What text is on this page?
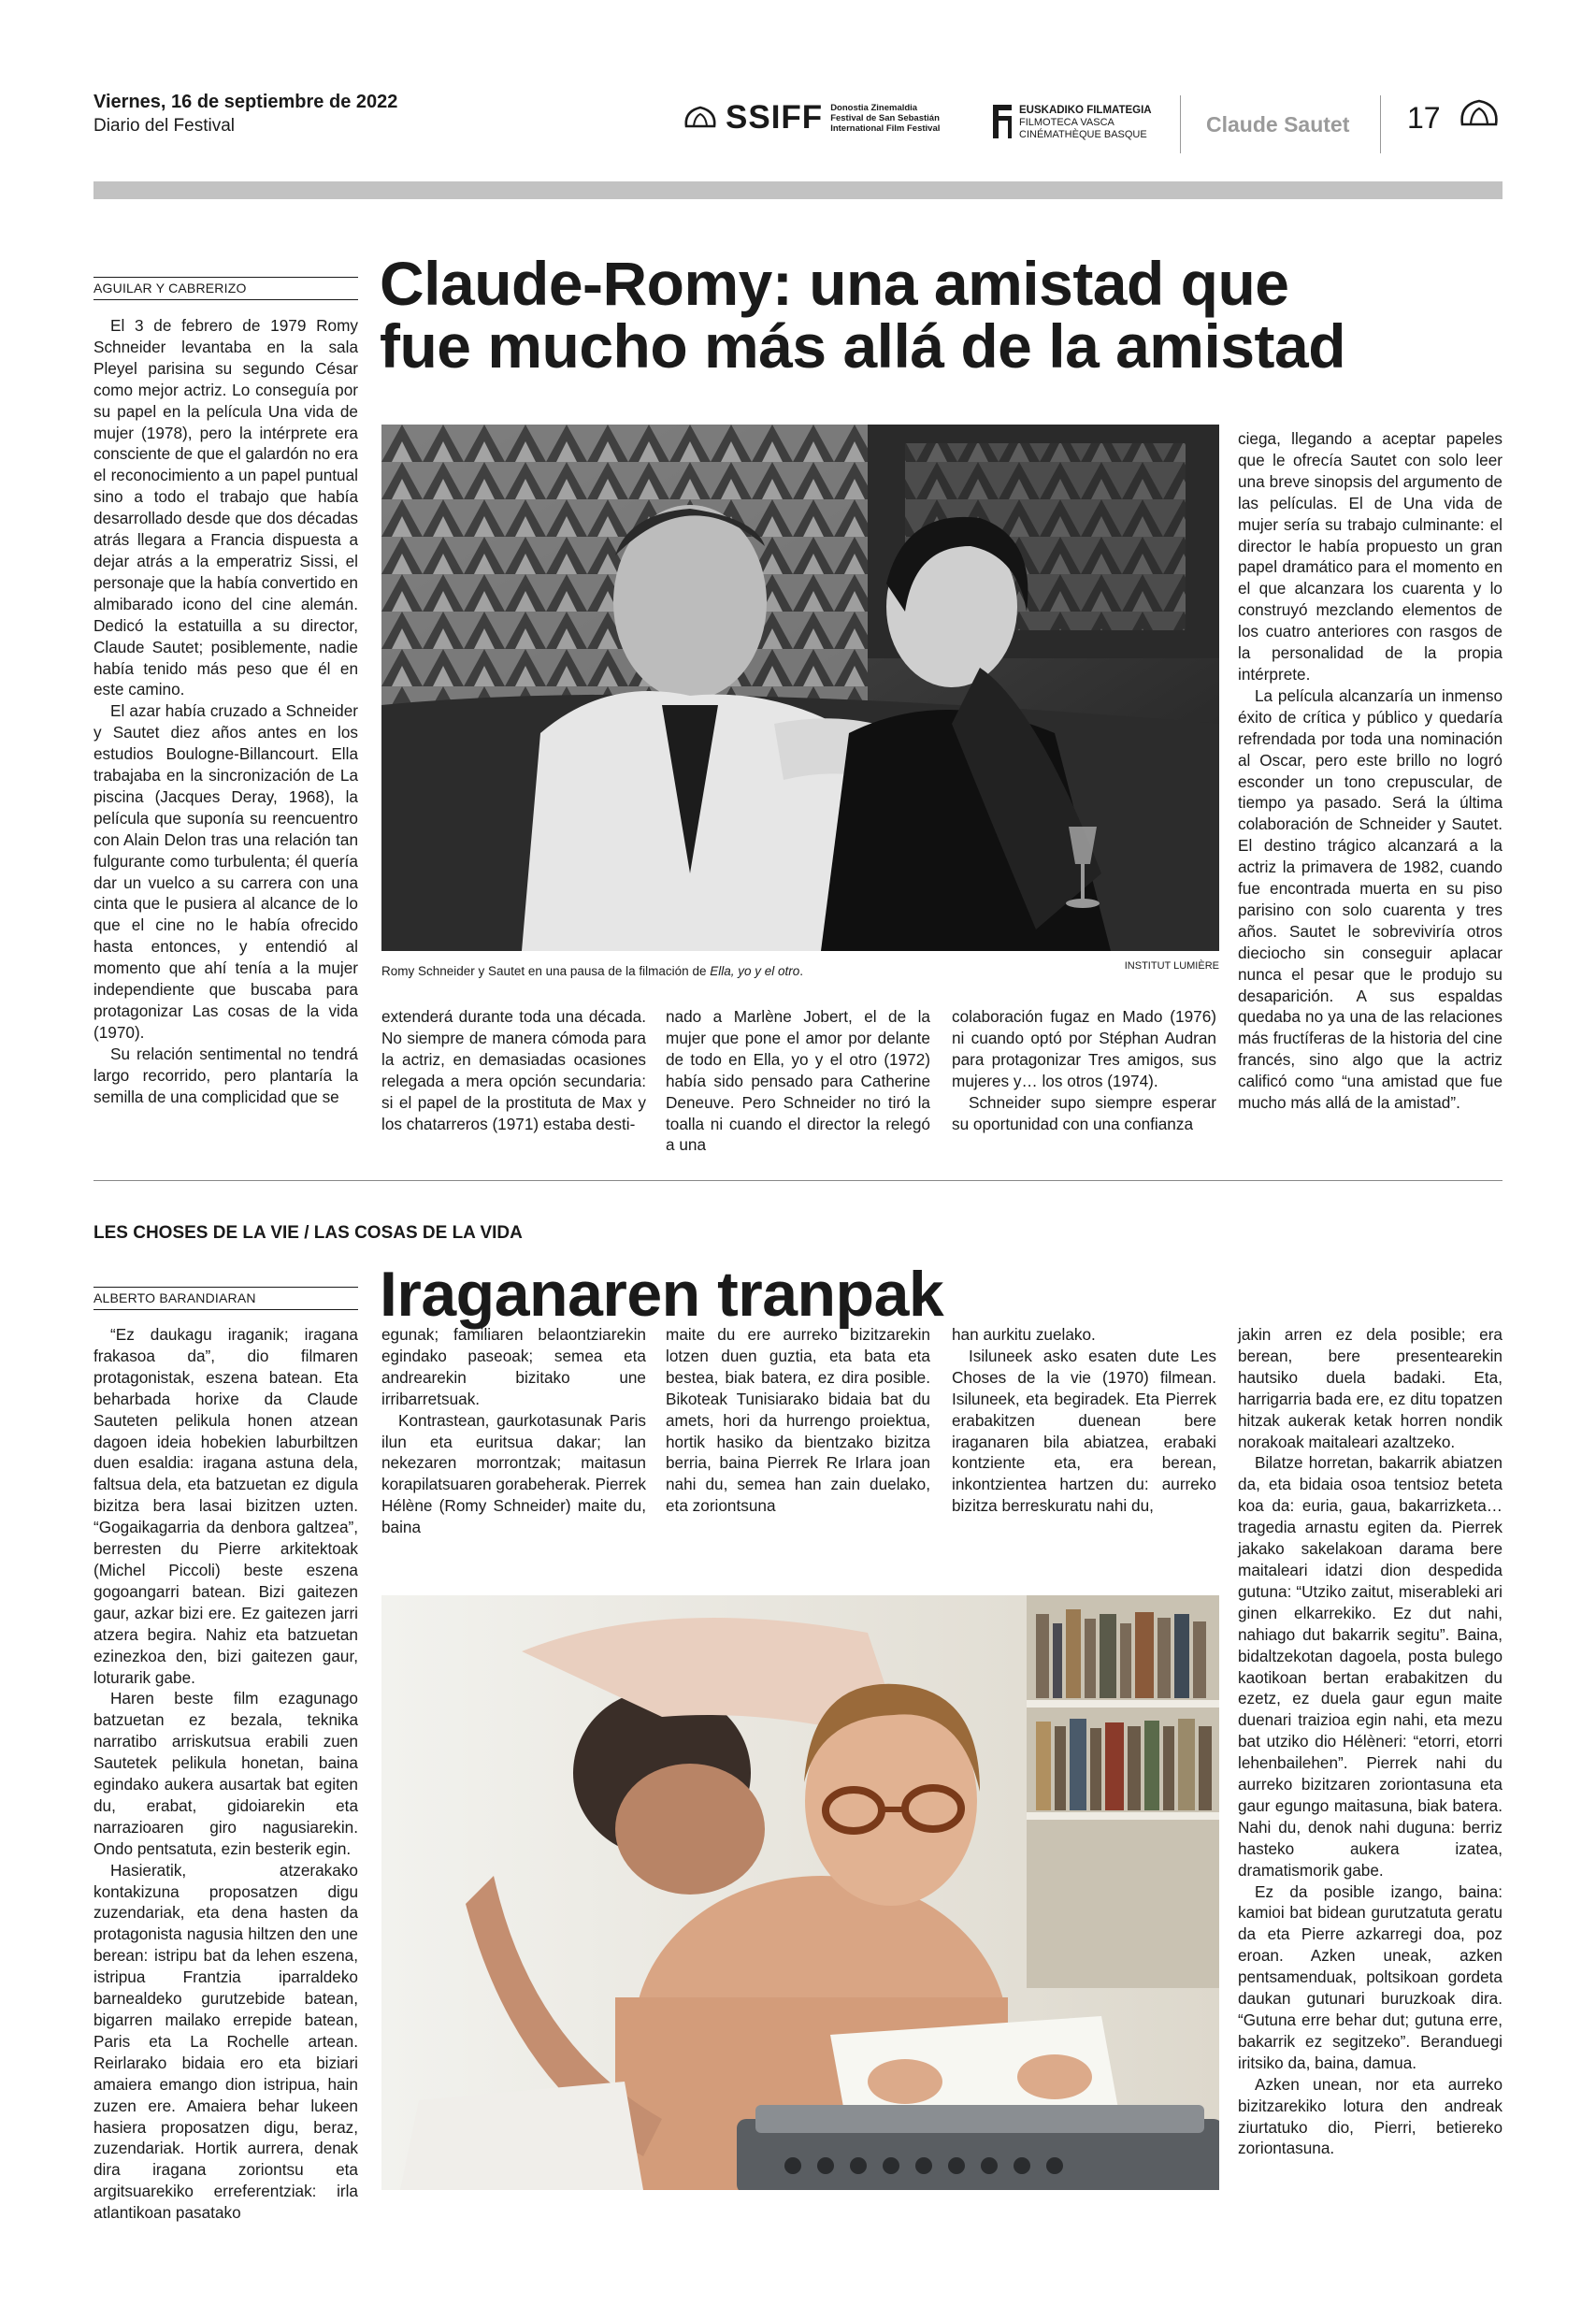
Viernes, 16 de septiembre de 2022
Diario del Festival	SSIFF Donostia Zinemaldia
Festival de San Sebastián
International Film Festival
EUSKADIKO FILMATEGIA
FILMOTECA VASCA
CINÉMATHÈQUE BASQUE	Claude Sautet 17
AGUILAR Y CABRERIZO	Claude-Romy: una amistad que
fue mucho más allá de la amistad

El 3 de febrero de 1979 Romy Schneider levantaba en la sala Pleyel parisina su segundo César como mejor actriz. Lo conseguía por su papel en la película Una vida de mujer (1978), pero la intérprete era consciente de que el galardón no era el reconocimiento a un papel puntual sino a todo el trabajo que había desarrollado desde que dos décadas atrás llegara a Francia dispuesta a dejar atrás a la emperatriz Sissi, el personaje que la había convertido en almibarado icono del cine alemán. Dedicó la estatuilla a su director, Claude Sautet; posiblemente, nadie había tenido más peso que él en este camino.

El azar había cruzado a Schneider y Sautet diez años antes en los estudios Boulogne-Billancourt. Ella trabajaba en la sincronización de La piscina (Jacques Deray, 1968), la película que suponía su reencuentro con Alain Delon tras una relación tan fulgurante como turbulenta; él quería dar un vuelco a su carrera con una cinta que le pusiera al alcance de lo que el cine no le había ofrecido hasta entonces, y entendió al momento que ahí tenía a la mujer independiente que buscaba para protagonizar Las cosas de la vida (1970).

Su relación sentimental no tendrá largo recorrido, pero plantaría la semilla de una complicidad que se

Romy Schneider y Sautet en una pausa de la filmación de Ella, yo y el otro.	INSTITUT LUMIÈRE

extenderá durante toda una década. No siempre de manera cómoda para la actriz, en demasiadas ocasiones relegada a mera opción secundaria: si el papel de la prostituta de Max y los chatarreros (1971) estaba desti-

nado a Marlène Jobert, el de la mujer que pone el amor por delante de todo en Ella, yo y el otro (1972) había sido pensado para Catherine Deneuve. Pero Schneider no tiró la toalla ni cuando el director la relegó a una

colaboración fugaz en Mado (1976) ni cuando optó por Stéphan Audran para protagonizar Tres amigos, sus mujeres y… los otros (1974).

Schneider supo siempre esperar su oportunidad con una confianza

ciega, llegando a aceptar papeles que le ofrecía Sautet con solo leer una breve sinopsis del argumento de las películas. El de Una vida de mujer sería su trabajo culminante: el director le había propuesto un gran papel dramático para el momento en el que alcanzara los cuarenta y lo construyó mezclando elementos de los cuatro anteriores con rasgos de la personalidad de la propia intérprete.

La película alcanzaría un inmenso éxito de crítica y público y quedaría refrendada por toda una nominación al Oscar, pero este brillo no logró esconder un tono crepuscular, de tiempo ya pasado. Será la última colaboración de Schneider y Sautet. El destino trágico alcanzará a la actriz la primavera de 1982, cuando fue encontrada muerta en su piso parisino con solo cuarenta y tres años. Sautet le sobreviviría otros dieciocho sin conseguir aplacar nunca el pesar que le produjo su desaparición. A sus espaldas quedaba no ya una de las relaciones más fructíferas de la historia del cine francés, sino algo que la actriz calificó como “una amistad que fue mucho más allá de la amistad”.

LES CHOSES DE LA VIE / LAS COSAS DE LA VIDA
ALBERTO BARANDIARAN	Iraganaren tranpak

“Ez daukagu iraganik; iragana frakasoa da”, dio filmaren protagonistak, eszena batean. Eta beharbada horixe da Claude Sauteten pelikula honen atzean dagoen ideia hobekien laburbiltzen duen esaldia: iragana astuna dela, faltsua dela, eta batzuetan ez digula bizitza bera lasai bizitzen uzten. “Gogaikagarria da denbora galtzea”, berresten du Pierre arkitektoak (Michel Piccoli) beste eszena gogoangarri batean. Bizi gaitezen gaur, azkar bizi ere. Ez gaitezen jarri atzera begira. Nahiz eta batzuetan ezinezkoa den, bizi gaitezen gaur, loturarik gabe.

Haren beste film ezagunago batzuetan ez bezala, teknika narratibo arriskutsua erabili zuen Sautetek pelikula honetan, baina egindako aukera ausartak bat egiten du, erabat, gidoiarekin eta narrazioaren giro nagusiarekin. Ondo pentsatuta, ezin besterik egin.

Hasieratik, atzerakako kontakizuna proposatzen digu zuzendariak, eta dena hasten da protagonista nagusia hiltzen den une berean: istripu bat da lehen eszena, istripua Frantzia iparraldeko barnealdeko gurutzebide batean, bigarren mailako errepide batean, Paris eta La Rochelle artean. Reirlarako bidaia ero eta biziari amaiera emango dion istripua, hain zuzen ere. Amaiera behar lukeen hasiera proposatzen digu, beraz, zuzendariak. Hortik aurrera, denak dira iragana zoriontsu eta argitsuarekiko erreferentziak: irla atlantikoan pasatako

egunak; familiaren belaontziarekin egindako paseoak; semea eta andrearekin bizitako une irribarretsuak.

Kontrastean, gaurkotasunak Paris ilun eta euritsua dakar; lan nekezaren morrontzak; maitasun korapilatsuaren gorabeherak. Pierrek Hélène (Romy Schneider) maite du, baina

maite du ere aurreko bizitzarekin lotzen duen guztia, eta bata eta bestea, biak batera, ez dira posible. Bikoteak Tunisiarako bidaia bat du amets, hori da hurrengo proiektua, hortik hasiko da bientzako bizitza berria, baina Pierrek Re Irlara joan nahi du, semea han zain duelako, eta zoriontsuna

han aurkitu zuelako.

Isiluneek asko esaten dute Les Choses de la vie (1970) filmean. Isiluneek, eta begiradek. Eta Pierrek erabakitzen duenean bere iraganaren bila abiatzea, erabaki kontziente eta, era berean, inkontzientea hartzen du: aurreko bizitza berreskuratu nahi du,

jakin arren ez dela posible; era berean, bere presentearekin hautsiko duela badaki. Eta, harrigarria bada ere, ez ditu topatzen hitzak aukerak ketak horren nondik norakoak maitaleari azaltzeko.

Bilatze horretan, bakarrik abiatzen da, eta bidaia osoa tentsioz beteta koa da: euria, gaua, bakarrizketa… tragedia arnastu egiten da. Pierrek jakako sakelakoan darama bere maitaleari idatzi dion despedida gutuna: “Utziko zaitut, miserableki ari ginen elkarrekiko. Ez dut nahi, nahiago dut bakarrik segitu”. Baina, bidaltzekotan dagoela, posta bulego kaotikoan bertan erabakitzen du ezetz, ez duela gaur egun maite duenari traizioa egin nahi, eta mezu bat utziko dio Hélèneri: “etorri, etorri lehenbailehen”. Pierrek nahi du aurreko bizitzaren zoriontasuna eta gaur egungo maitasuna, biak batera. Nahi du, denok nahi duguna: berriz hasteko aukera izatea, dramatismorik gabe.

Ez da posible izango, baina: kamioi bat bidean gurutzatuta geratu da eta Pierre azkarregi doa, poz eroan. Azken uneak, azken pentsamenduak, poltsikoan gordeta daukan gutunari buruzkoak dira. “Gutuna erre behar dut; gutuna erre, bakarrik ez segitzeko”. Beranduegi iritsiko da, baina, damua.

Azken unean, nor eta aurreko bizitzarekiko lotura den andreak ziurtatuko dio, Pierri, betiereko zoriontasuna.
